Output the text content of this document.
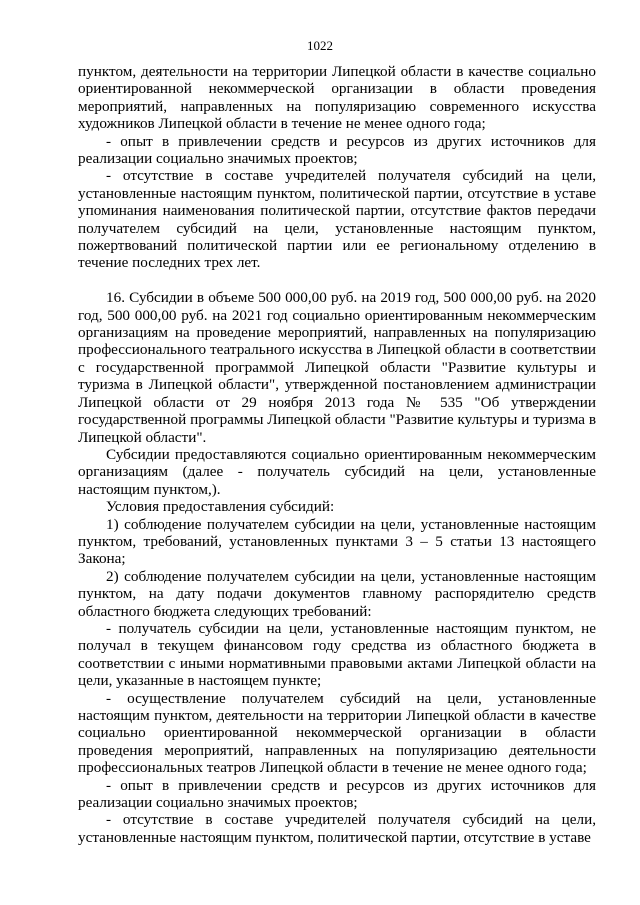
1022

пунктом, деятельности на территории Липецкой области в качестве социально ориентированной некоммерческой организации в области проведения мероприятий, направленных на популяризацию современного искусства художников Липецкой области в течение не менее одного года;

- опыт в привлечении средств и ресурсов из других источников для реализации социально значимых проектов;

- отсутствие в составе учредителей получателя субсидий на цели, установленные настоящим пунктом, политической партии, отсутствие в уставе упоминания наименования политической партии, отсутствие фактов передачи получателем субсидий на цели, установленные настоящим пунктом, пожертвований политической партии или ее региональному отделению в течение последних трех лет.

16. Субсидии в объеме 500 000,00 руб. на 2019 год, 500 000,00 руб. на 2020 год, 500 000,00 руб. на 2021 год социально ориентированным некоммерческим организациям на проведение мероприятий, направленных на популяризацию профессионального театрального искусства в Липецкой области в соответствии с государственной программой Липецкой области "Развитие культуры и туризма в Липецкой области", утвержденной постановлением администрации Липецкой области от 29 ноября 2013 года № 535 "Об утверждении государственной программы Липецкой области "Развитие культуры и туризма в Липецкой области".

Субсидии предоставляются социально ориентированным некоммерческим организациям (далее - получатель субсидий на цели, установленные настоящим пунктом,).

Условия предоставления субсидий:

1) соблюдение получателем субсидии на цели, установленные настоящим пунктом, требований, установленных пунктами 3 – 5 статьи 13 настоящего Закона;

2) соблюдение получателем субсидии на цели, установленные настоящим пунктом, на дату подачи документов главному распорядителю средств областного бюджета следующих требований:

- получатель субсидии на цели, установленные настоящим пунктом, не получал в текущем финансовом году средства из областного бюджета в соответствии с иными нормативными правовыми актами Липецкой области на цели, указанные в настоящем пункте;

- осуществление получателем субсидий на цели, установленные настоящим пунктом, деятельности на территории Липецкой области в качестве социально ориентированной некоммерческой организации в области проведения мероприятий, направленных на популяризацию деятельности профессиональных театров Липецкой области в течение не менее одного года;

- опыт в привлечении средств и ресурсов из других источников для реализации социально значимых проектов;

- отсутствие в составе учредителей получателя субсидий на цели, установленные настоящим пунктом, политической партии, отсутствие в уставе
